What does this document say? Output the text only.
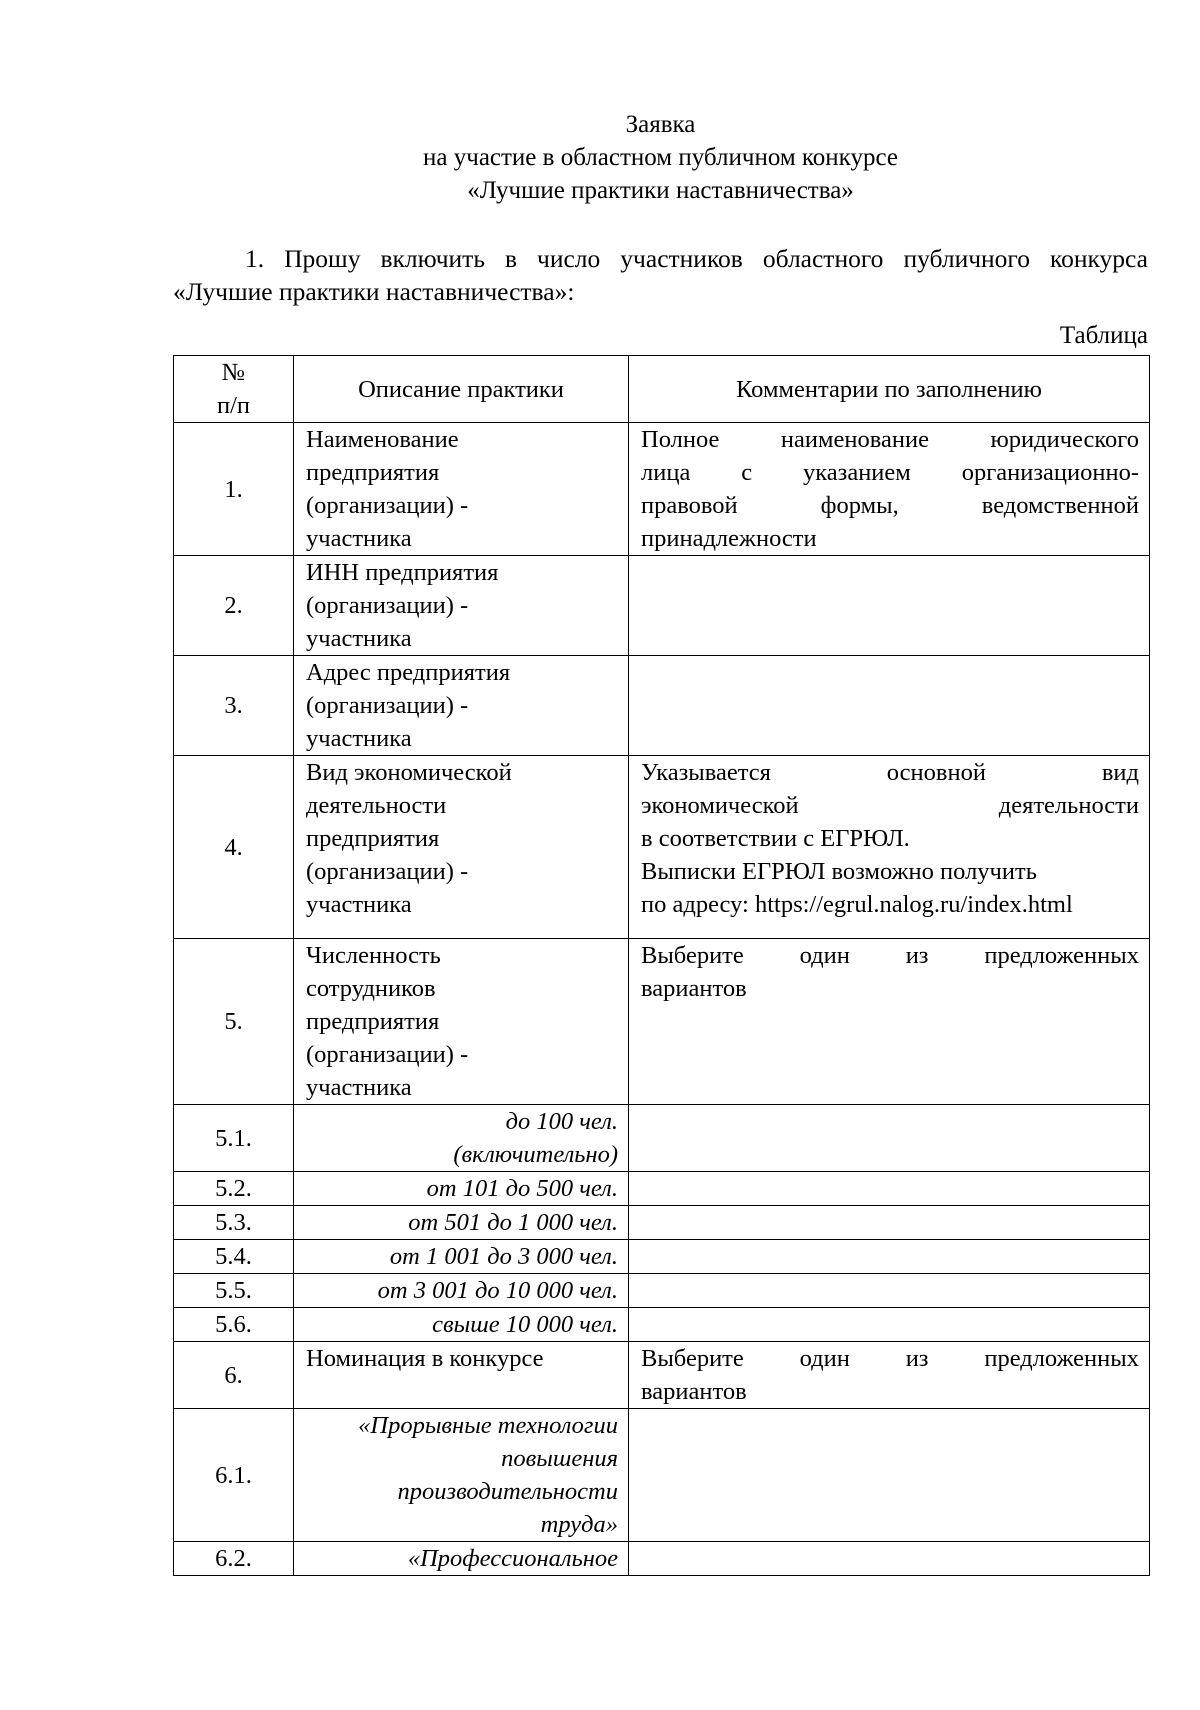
Заявка
на участие в областном публичном конкурсе
«Лучшие практики наставничества»
1. Прошу включить в число участников областного публичного конкурса
«Лучшие практики наставничества»:
Таблица
№
п/п	Описание практики	Комментарии по заполнению
1.	Наименование
предприятия
(организации) -
участника	Полное наименование юридического
лица с указанием организационно-
правовой формы, ведомственной
принадлежности

2.	ИНН предприятия
(организации) -
участника	

3.	Адрес предприятия
(организации) -
участника	

4.	Вид экономической
деятельности
предприятия
(организации) -
участника	Указывается основной вид
экономической деятельности
в соответствии с ЕГРЮЛ.
Выписки ЕГРЮЛ возможно получить
по адресу: https://egrul.nalog.ru/index.html

5.	Численность
сотрудников
предприятия
(организации) -
участника	Выберите один из предложенных
вариантов

5.1.	до 100 чел.
(включительно)	

5.2.	от 101 до 500 чел.	

5.3.	от 501 до 1 000 чел.	

5.4.	от 1 001 до 3 000 чел.	

5.5.	от 3 001 до 10 000 чел.	

5.6.	свыше 10 000 чел.	

6.	Номинация в конкурсе	Выберите один из предложенных
вариантов

6.1.	«Прорывные технологии
повышения
производительности
труда»	

6.2.	«Профессиональное	
